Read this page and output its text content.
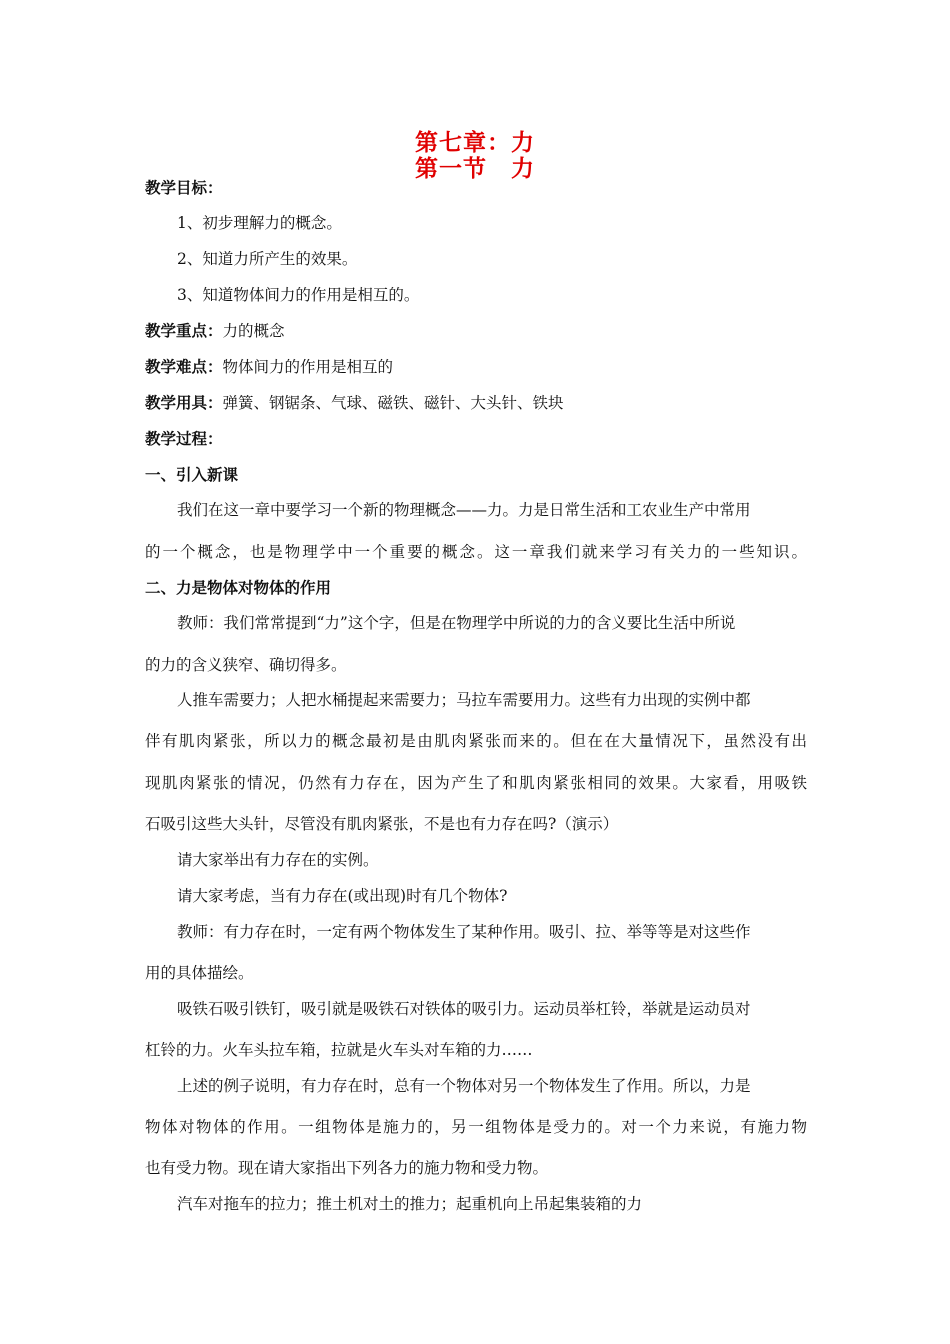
第七章：力
第一节　力
教学目标：
1、初步理解力的概念。
2、知道力所产生的效果。
3、知道物体间力的作用是相互的。
教学重点：力的概念
教学难点：物体间力的作用是相互的
教学用具：弹簧、钢锯条、气球、磁铁、磁针、大头针、铁块
教学过程：
一、引入新课
我们在这一章中要学习一个新的物理概念——力。力是日常生活和工农业生产中常用
的一个概念，也是物理学中一个重要的概念。这一章我们就来学习有关力的一些知识。
二、力是物体对物体的作用
教师：我们常常提到“力”这个字，但是在物理学中所说的力的含义要比生活中所说
的力的含义狭窄、确切得多。
人推车需要力；人把水桶提起来需要力；马拉车需要用力。这些有力出现的实例中都
伴有肌肉紧张，所以力的概念最初是由肌肉紧张而来的。但在在大量情况下，虽然没有出
现肌肉紧张的情况，仍然有力存在，因为产生了和肌肉紧张相同的效果。大家看，用吸铁
石吸引这些大头针，尽管没有肌肉紧张，不是也有力存在吗?（演示）
请大家举出有力存在的实例。
请大家考虑，当有力存在(或出现)时有几个物体?
教师：有力存在时，一定有两个物体发生了某种作用。吸引、拉、举等等是对这些作
用的具体描绘。
吸铁石吸引铁钉，吸引就是吸铁石对铁体的吸引力。运动员举杠铃，举就是运动员对
杠铃的力。火车头拉车箱，拉就是火车头对车箱的力……
上述的例子说明，有力存在时，总有一个物体对另一个物体发生了作用。所以，力是
物体对物体的作用。一组物体是施力的，另一组物体是受力的。对一个力来说，有施力物
也有受力物。现在请大家指出下列各力的施力物和受力物。
汽车对拖车的拉力；推土机对土的推力；起重机向上吊起集装箱的力
